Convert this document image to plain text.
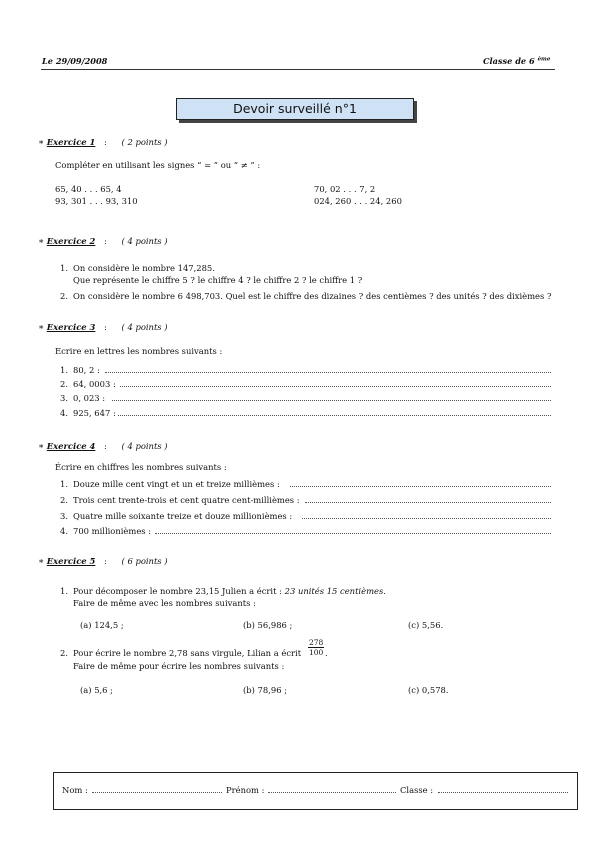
Le 29/09/2008	Classe de 6 $^{ème}$
Devoir surveillé n°1
∗ Exercice 1 : ( 2 points )
Compléter en utilisant les signes “ = ” ou “ ≠ ” :
65, 40 . . . 65, 4	70, 02 . . . 7, 2
93, 301 . . . 93, 310	024, 260 . . . 24, 260
∗ Exercice 2 : ( 4 points )
1. On considère le nombre 147,285.
Que représente le chiffre 5 ? le chiffre 4 ? le chiffre 2 ? le chiffre 1 ?
2. On considère le nombre 6 498,703. Quel est le chiffre des dizaines ? des centièmes ? des unités ? des dixièmes ?
∗ Exercice 3 : ( 4 points )
Ecrire en lettres les nombres suivants :
1. 80, 2 :
2. 64, 0003 :
3. 0, 023 :
4. 925, 647 :
∗ Exercice 4 : ( 4 points )
Écrire en chiffres les nombres suivants :
1. Douze mille cent vingt et un et treize millièmes :
2. Trois cent trente-trois et cent quatre cent-millièmes :
3. Quatre mille soixante treize et douze millionièmes :
4. 700 millionièmes :
∗ Exercice 5 : ( 6 points )
1. Pour décomposer le nombre 23,15 Julien a écrit : 23 unités 15 centièmes.
Faire de même avec les nombres suivants :
(a) 124,5 ;	(b) 56,986 ;	(c) 5,56.
2. Pour écrire le nombre 2,78 sans virgule, Lilian a écrit $\frac{278}{100}$ .
Faire de même pour écrire les nombres suivants :
(a) 5,6 ;	(b) 78,96 ;	(c) 0,578.
Nom :	Prénom :	Classe :
